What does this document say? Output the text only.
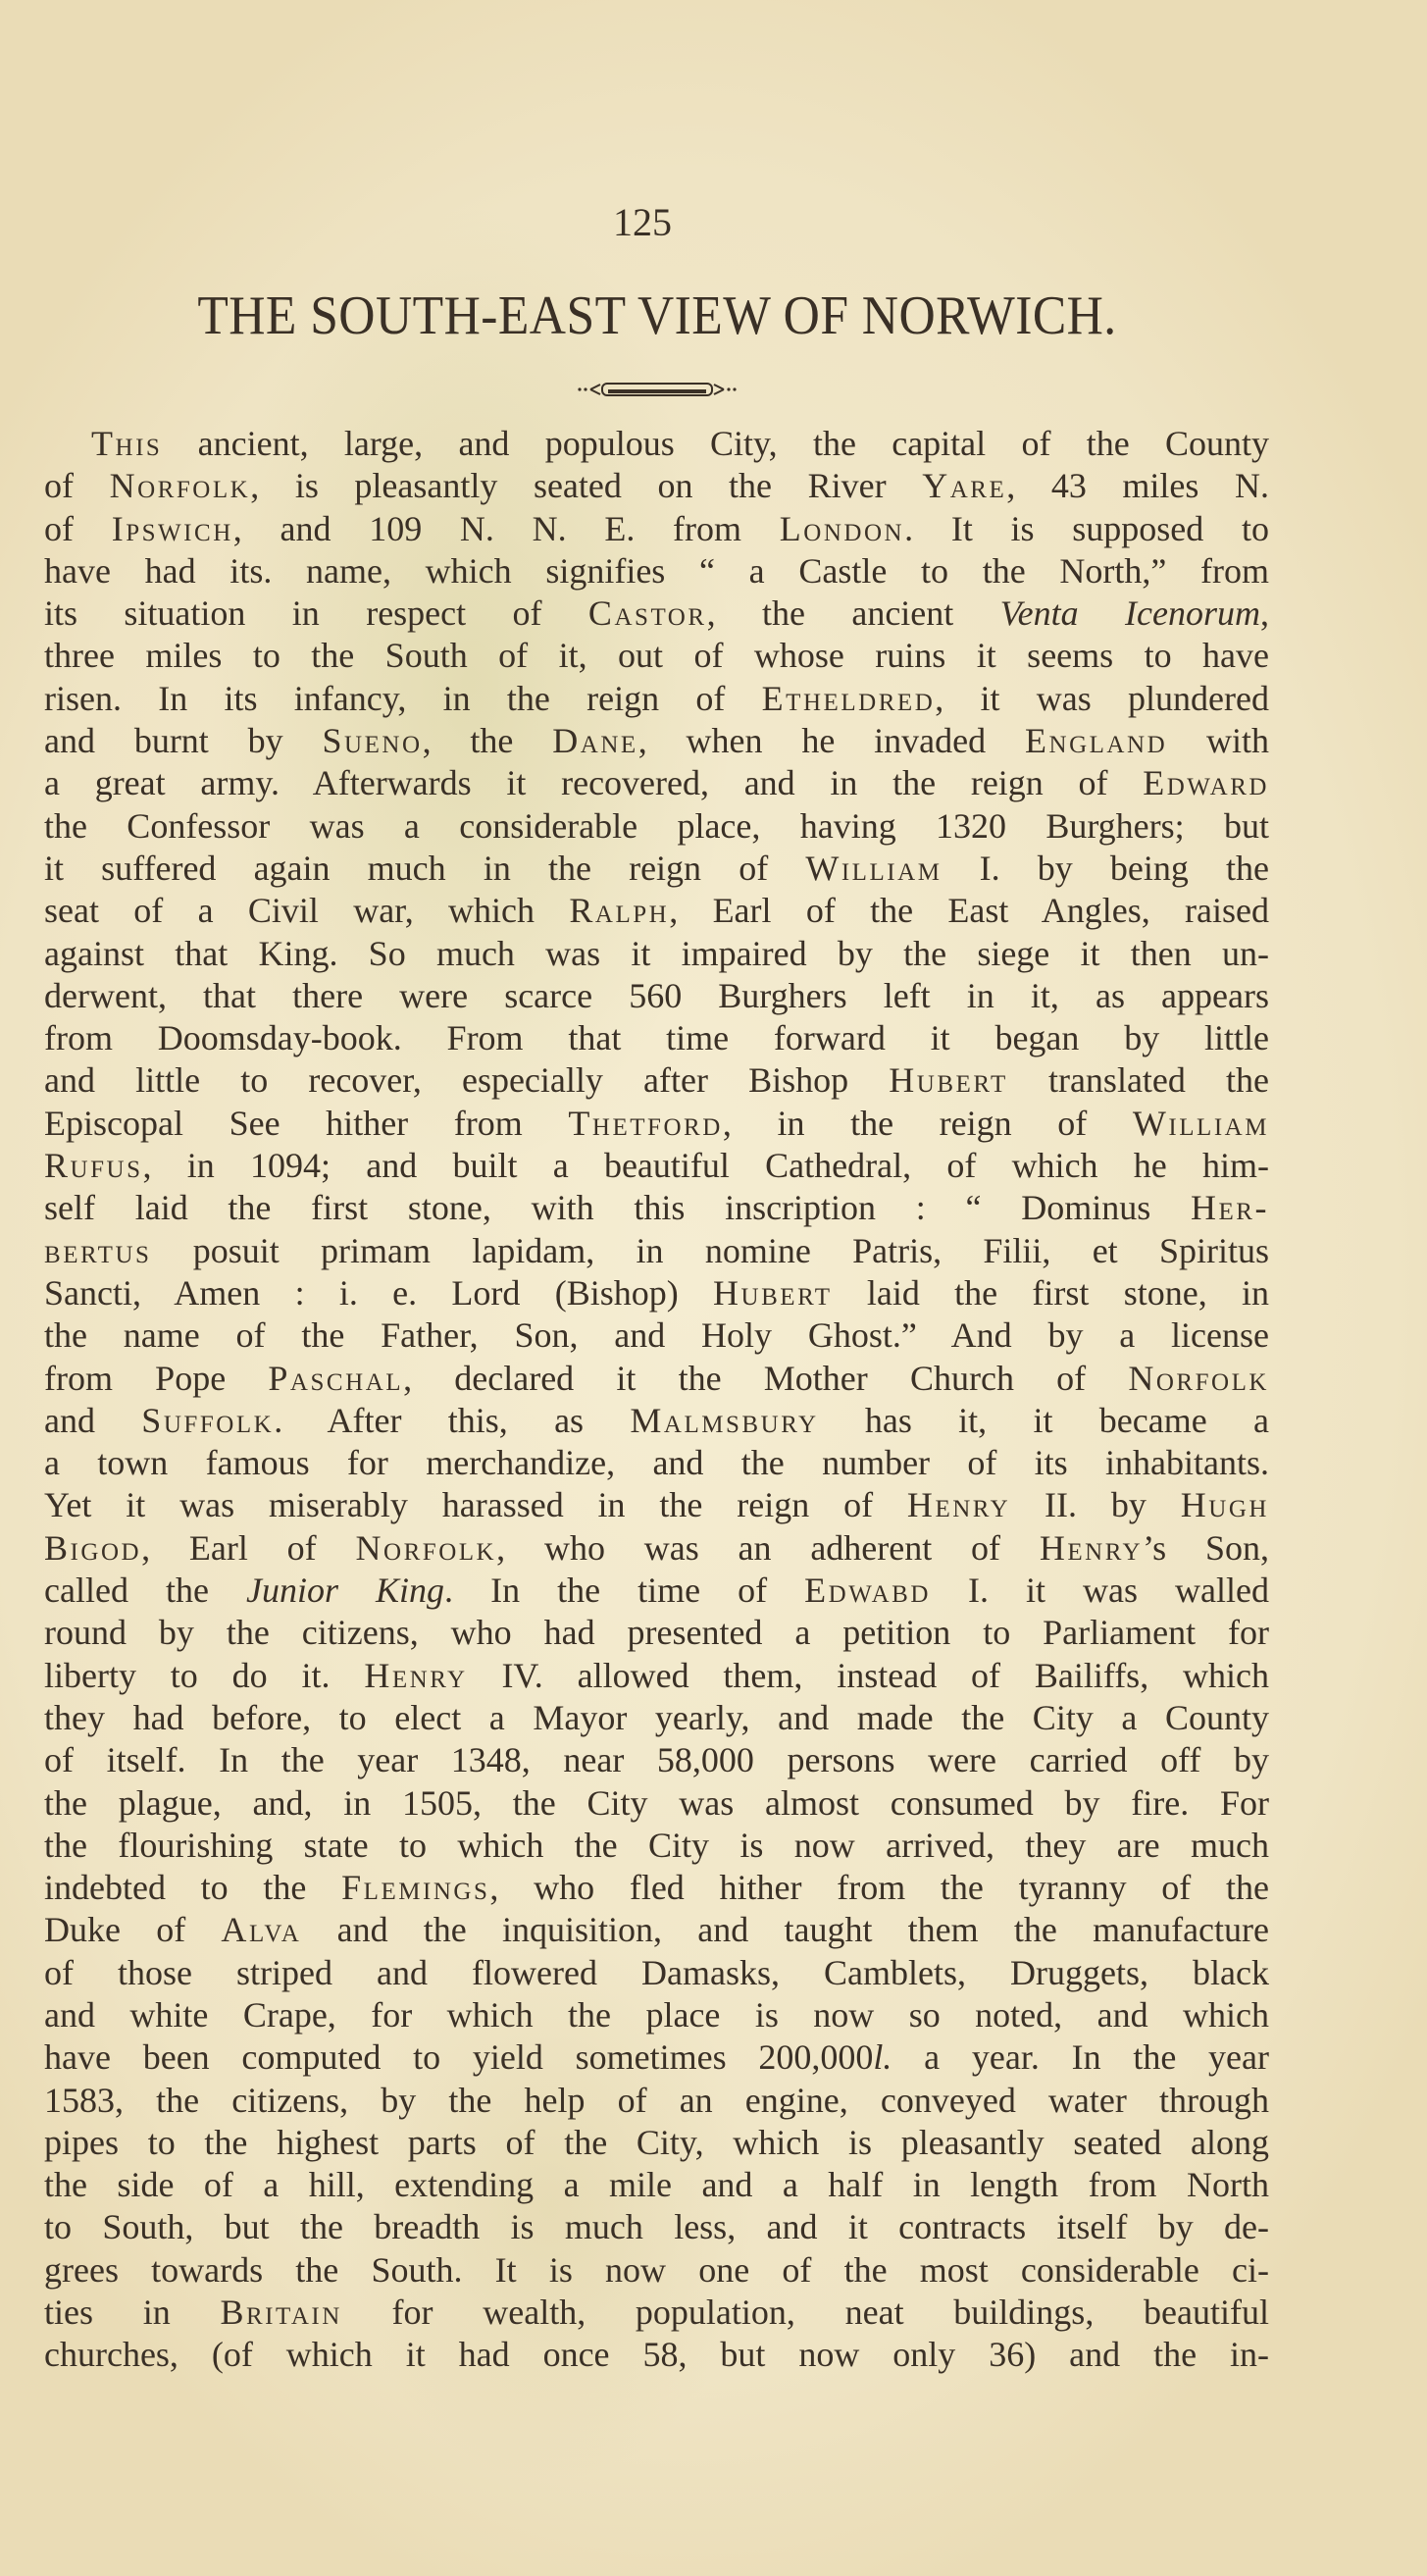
125
THE SOUTH-EAST VIEW OF NORWICH.
This ancient, large, and populous City, the capital of the County
of Norfolk, is pleasantly seated on the River Yare, 43 miles N.
of Ipswich, and 109 N. N. E. from London. It is supposed to
have had its. name, which signifies “ a Castle to the North,” from
its situation in respect of Castor, the ancient Venta Icenorum,
three miles to the South of it, out of whose ruins it seems to have
risen. In its infancy, in the reign of Etheldred, it was plundered
and burnt by Sueno, the Dane, when he invaded England with
a great army. Afterwards it recovered, and in the reign of Edward
the Confessor was a considerable place, having 1320 Burghers; but
it suffered again much in the reign of William I. by being the
seat of a Civil war, which Ralph, Earl of the East Angles, raised
against that King. So much was it impaired by the siege it then un-
derwent, that there were scarce 560 Burghers left in it, as appears
from Doomsday-book. From that time forward it began by little
and little to recover, especially after Bishop Hubert translated the
Episcopal See hither from Thetford, in the reign of William
Rufus, in 1094; and built a beautiful Cathedral, of which he him-
self laid the first stone, with this inscription : “ Dominus Her-
bertus posuit primam lapidam, in nomine Patris, Filii, et Spiritus
Sancti, Amen : i. e. Lord (Bishop) Hubert laid the first stone, in
the name of the Father, Son, and Holy Ghost.” And by a license
from Pope Paschal, declared it the Mother Church of Norfolk
and Suffolk. After this, as Malmsbury has it, it became a
a town famous for merchandize, and the number of its inhabitants.
Yet it was miserably harassed in the reign of Henry II. by Hugh
Bigod, Earl of Norfolk, who was an adherent of Henry’s Son,
called the Junior King. In the time of Edwabd I. it was walled
round by the citizens, who had presented a petition to Parliament for
liberty to do it. Henry IV. allowed them, instead of Bailiffs, which
they had before, to elect a Mayor yearly, and made the City a County
of itself. In the year 1348, near 58,000 persons were carried off by
the plague, and, in 1505, the City was almost consumed by fire. For
the flourishing state to which the City is now arrived, they are much
indebted to the Flemings, who fled hither from the tyranny of the
Duke of Alva and the inquisition, and taught them the manufacture
of those striped and flowered Damasks, Camblets, Druggets, black
and white Crape, for which the place is now so noted, and which
have been computed to yield sometimes 200,000l. a year. In the year
1583, the citizens, by the help of an engine, conveyed water through
pipes to the highest parts of the City, which is pleasantly seated along
the side of a hill, extending a mile and a half in length from North
to South, but the breadth is much less, and it contracts itself by de-
grees towards the South. It is now one of the most considerable ci-
ties in Britain for wealth, population, neat buildings, beautiful
churches, (of which it had once 58, but now only 36) and the in-
